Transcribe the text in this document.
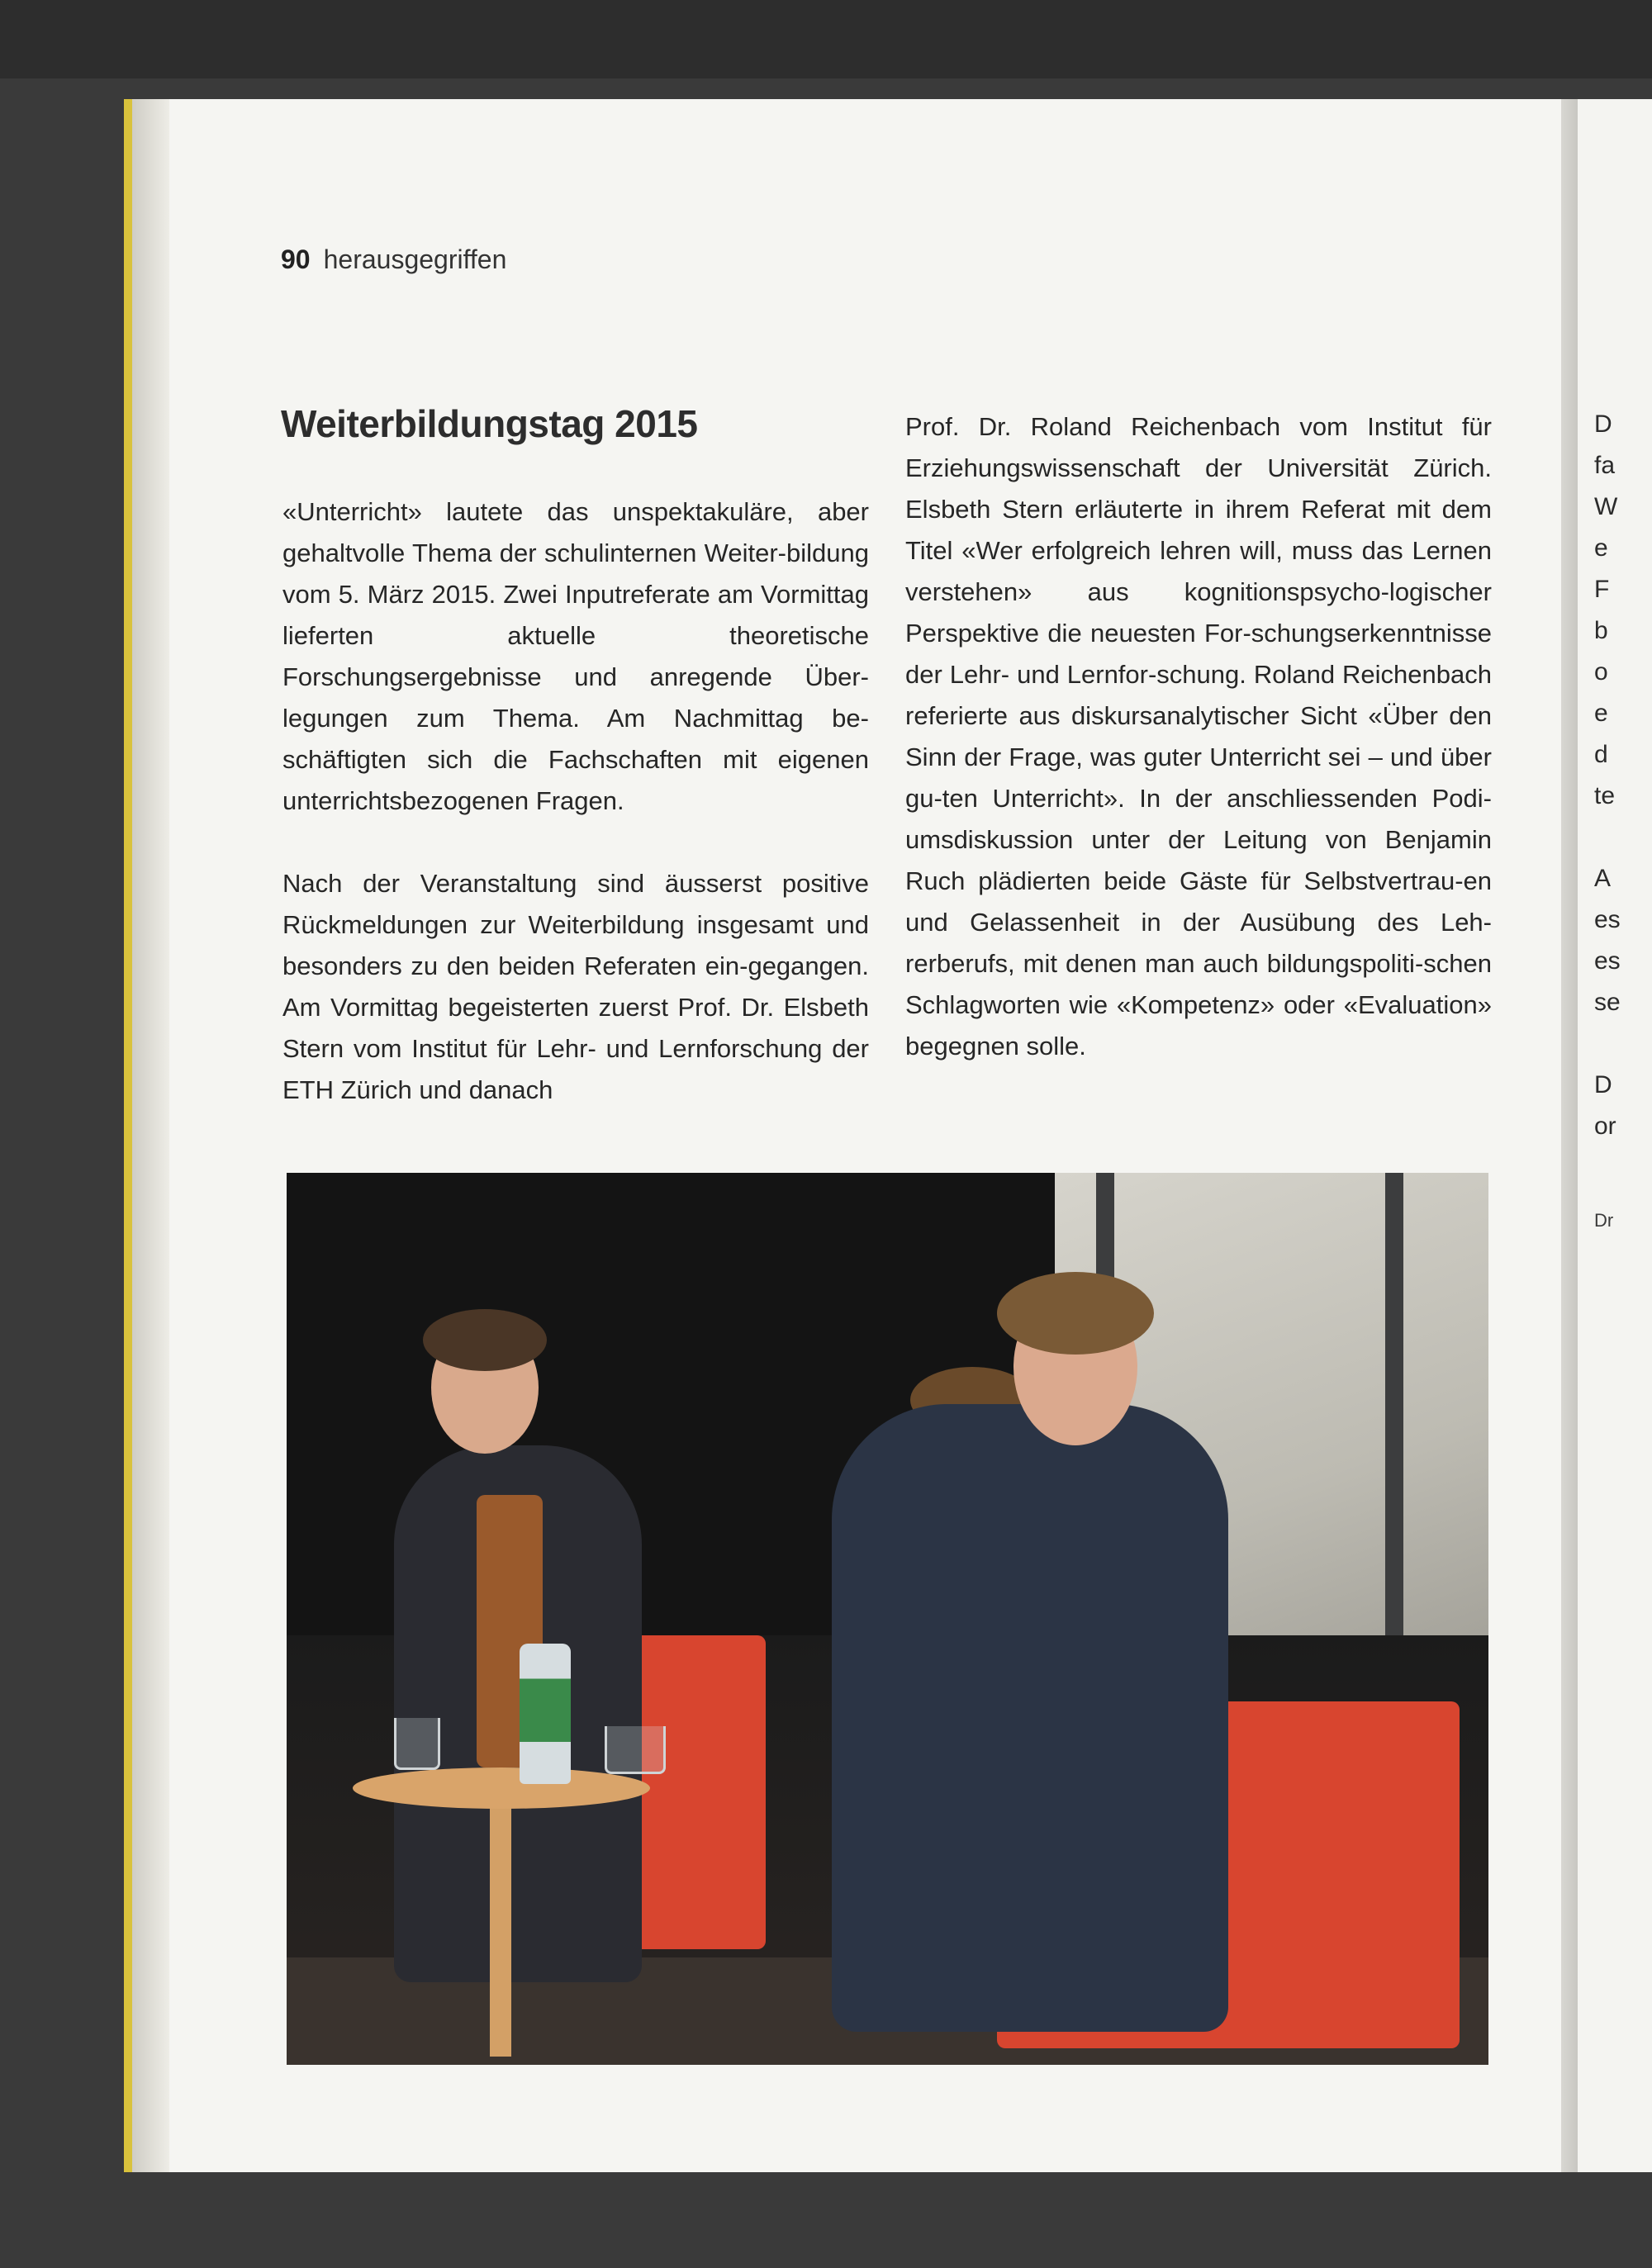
D
fa
W
e
F
b
o
e
d
te
A
es
es
se
D
or
Dr
90 herausgegriffen
Weiterbildungstag 2015

«Unterricht» lautete das unspektakuläre, aber gehaltvolle Thema der schulinternen Weiter-bildung vom 5. März 2015. Zwei Inputreferate am Vormittag lieferten aktuelle theoretische Forschungsergebnisse und anregende Über-legungen zum Thema. Am Nachmittag be-schäftigten sich die Fachschaften mit eigenen unterrichtsbezogenen Fragen.

Nach der Veranstaltung sind äusserst positive Rückmeldungen zur Weiterbildung insgesamt und besonders zu den beiden Referaten ein-gegangen. Am Vormittag begeisterten zuerst Prof. Dr. Elsbeth Stern vom Institut für Lehr- und Lernforschung der ETH Zürich und danach

Prof. Dr. Roland Reichenbach vom Institut für Erziehungswissenschaft der Universität Zürich. Elsbeth Stern erläuterte in ihrem Referat mit dem Titel «Wer erfolgreich lehren will, muss das Lernen verstehen» aus kognitionspsycho-logischer Perspektive die neuesten For-schungserkenntnisse der Lehr- und Lernfor-schung. Roland Reichenbach referierte aus diskursanalytischer Sicht «Über den Sinn der Frage, was guter Unterricht sei – und über gu-ten Unterricht». In der anschliessenden Podi-umsdiskussion unter der Leitung von Benjamin Ruch plädierten beide Gäste für Selbstvertrau-en und Gelassenheit in der Ausübung des Leh-rerberufs, mit denen man auch bildungspoliti-schen Schlagworten wie «Kompetenz» oder «Evaluation» begegnen solle.
